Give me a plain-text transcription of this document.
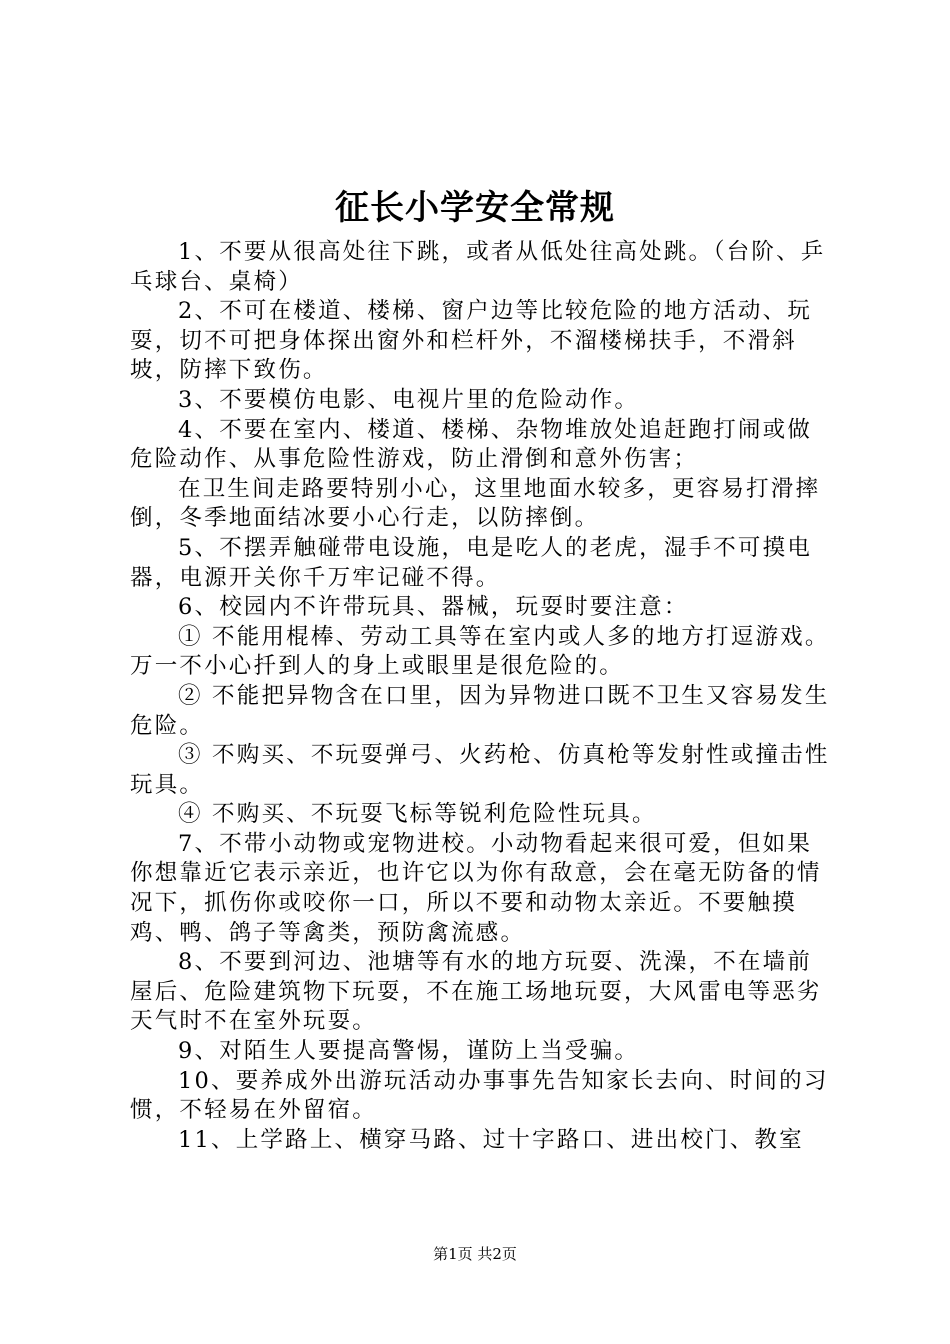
征长小学安全常规

1、不要从很高处往下跳，或者从低处往高处跳。（台阶、乒乓球台、桌椅）

2、不可在楼道、楼梯、窗户边等比较危险的地方活动、玩耍，切不可把身体探出窗外和栏杆外，不溜楼梯扶手，不滑斜坡，防摔下致伤。

3、不要模仿电影、电视片里的危险动作。

4、不要在室内、楼道、楼梯、杂物堆放处追赶跑打闹或做危险动作、从事危险性游戏，防止滑倒和意外伤害；

在卫生间走路要特别小心，这里地面水较多，更容易打滑摔倒，冬季地面结冰要小心行走，以防摔倒。

5、不摆弄触碰带电设施，电是吃人的老虎，湿手不可摸电器，电源开关你千万牢记碰不得。

6、校园内不许带玩具、器械，玩耍时要注意：

① 不能用棍棒、劳动工具等在室内或人多的地方打逗游戏。万一不小心扦到人的身上或眼里是很危险的。

② 不能把异物含在口里，因为异物进口既不卫生又容易发生危险。

③ 不购买、不玩耍弹弓、火药枪、仿真枪等发射性或撞击性玩具。

④ 不购买、不玩耍飞标等锐利危险性玩具。

7、不带小动物或宠物进校。小动物看起来很可爱，但如果你想靠近它表示亲近，也许它以为你有敌意，会在毫无防备的情况下，抓伤你或咬你一口，所以不要和动物太亲近。不要触摸鸡、鸭、鸽子等禽类，预防禽流感。

8、不要到河边、池塘等有水的地方玩耍、洗澡，不在墙前屋后、危险建筑物下玩耍，不在施工场地玩耍，大风雷电等恶劣天气时不在室外玩耍。

9、对陌生人要提高警惕，谨防上当受骗。

10、要养成外出游玩活动办事事先告知家长去向、时间的习惯，不轻易在外留宿。

11、上学路上、横穿马路、过十字路口、进出校门、教室

第1页 共2页
